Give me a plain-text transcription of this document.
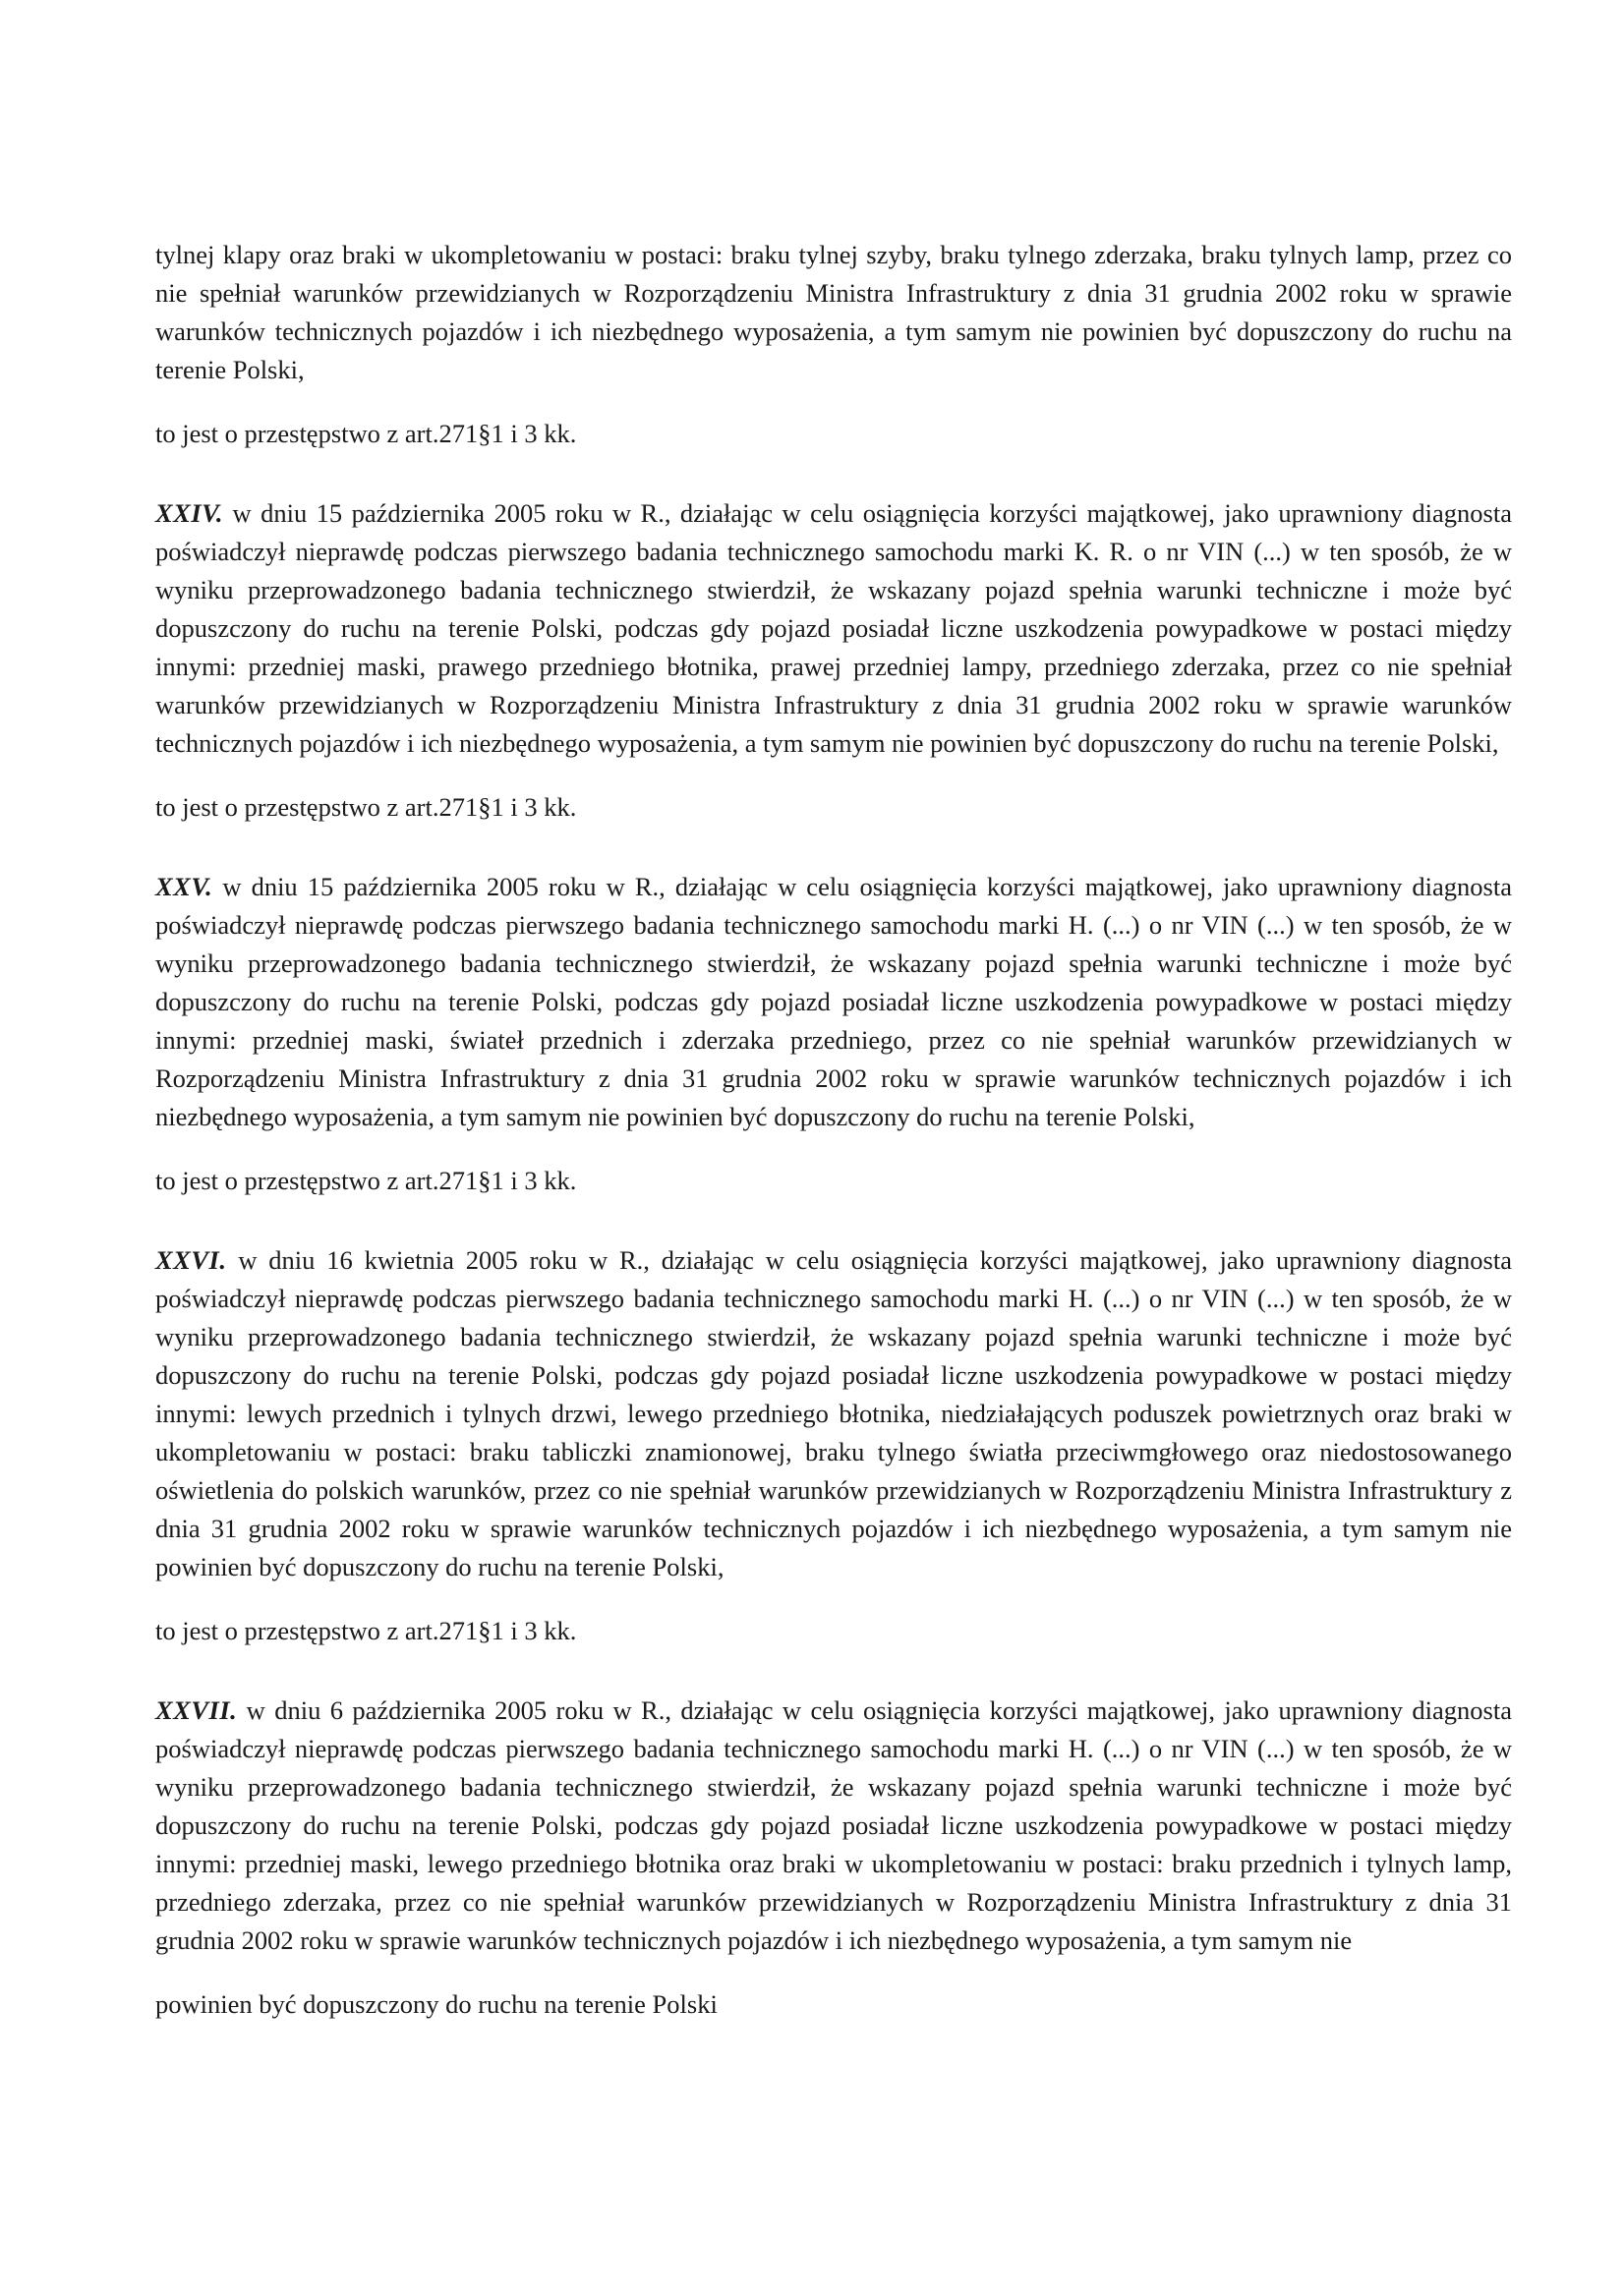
tylnej klapy oraz braki w ukompletowaniu w postaci: braku tylnej szyby, braku tylnego zderzaka, braku tylnych lamp, przez co nie spełniał warunków przewidzianych w Rozporządzeniu Ministra Infrastruktury z dnia 31 grudnia 2002 roku w sprawie warunków technicznych pojazdów i ich niezbędnego wyposażenia, a tym samym nie powinien być dopuszczony do ruchu na terenie Polski,

to jest o przestępstwo z art.271§1 i 3 kk.

XXIV. w dniu 15 października 2005 roku w R., działając w celu osiągnięcia korzyści majątkowej, jako uprawniony diagnosta poświadczył nieprawdę podczas pierwszego badania technicznego samochodu marki K. R. o nr VIN (...) w ten sposób, że w wyniku przeprowadzonego badania technicznego stwierdził, że wskazany pojazd spełnia warunki techniczne i może być dopuszczony do ruchu na terenie Polski, podczas gdy pojazd posiadał liczne uszkodzenia powypadkowe w postaci między innymi: przedniej maski, prawego przedniego błotnika, prawej przedniej lampy, przedniego zderzaka, przez co nie spełniał warunków przewidzianych w Rozporządzeniu Ministra Infrastruktury z dnia 31 grudnia 2002 roku w sprawie warunków technicznych pojazdów i ich niezbędnego wyposażenia, a tym samym nie powinien być dopuszczony do ruchu na terenie Polski,

to jest o przestępstwo z art.271§1 i 3 kk.

XXV. w dniu 15 października 2005 roku w R., działając w celu osiągnięcia korzyści majątkowej, jako uprawniony diagnosta poświadczył nieprawdę podczas pierwszego badania technicznego samochodu marki H. (...) o nr VIN (...) w ten sposób, że w wyniku przeprowadzonego badania technicznego stwierdził, że wskazany pojazd spełnia warunki techniczne i może być dopuszczony do ruchu na terenie Polski, podczas gdy pojazd posiadał liczne uszkodzenia powypadkowe w postaci między innymi: przedniej maski, świateł przednich i zderzaka przedniego, przez co nie spełniał warunków przewidzianych w Rozporządzeniu Ministra Infrastruktury z dnia 31 grudnia 2002 roku w sprawie warunków technicznych pojazdów i ich niezbędnego wyposażenia, a tym samym nie powinien być dopuszczony do ruchu na terenie Polski,

to jest o przestępstwo z art.271§1 i 3 kk.

XXVI. w dniu 16 kwietnia 2005 roku w R., działając w celu osiągnięcia korzyści majątkowej, jako uprawniony diagnosta poświadczył nieprawdę podczas pierwszego badania technicznego samochodu marki H. (...) o nr VIN (...) w ten sposób, że w wyniku przeprowadzonego badania technicznego stwierdził, że wskazany pojazd spełnia warunki techniczne i może być dopuszczony do ruchu na terenie Polski, podczas gdy pojazd posiadał liczne uszkodzenia powypadkowe w postaci między innymi: lewych przednich i tylnych drzwi, lewego przedniego błotnika, niedziałających poduszek powietrznych oraz braki w ukompletowaniu w postaci: braku tabliczki znamionowej, braku tylnego światła przeciwmgłowego oraz niedostosowanego oświetlenia do polskich warunków, przez co nie spełniał warunków przewidzianych w Rozporządzeniu Ministra Infrastruktury z dnia 31 grudnia 2002 roku w sprawie warunków technicznych pojazdów i ich niezbędnego wyposażenia, a tym samym nie powinien być dopuszczony do ruchu na terenie Polski,

to jest o przestępstwo z art.271§1 i 3 kk.

XXVII. w dniu 6 października 2005 roku w R., działając w celu osiągnięcia korzyści majątkowej, jako uprawniony diagnosta poświadczył nieprawdę podczas pierwszego badania technicznego samochodu marki H. (...) o nr VIN (...) w ten sposób, że w wyniku przeprowadzonego badania technicznego stwierdził, że wskazany pojazd spełnia warunki techniczne i może być dopuszczony do ruchu na terenie Polski, podczas gdy pojazd posiadał liczne uszkodzenia powypadkowe w postaci między innymi: przedniej maski, lewego przedniego błotnika oraz braki w ukompletowaniu w postaci: braku przednich i tylnych lamp, przedniego zderzaka, przez co nie spełniał warunków przewidzianych w Rozporządzeniu Ministra Infrastruktury z dnia 31 grudnia 2002 roku w sprawie warunków technicznych pojazdów i ich niezbędnego wyposażenia, a tym samym nie

powinien być dopuszczony do ruchu na terenie Polski
